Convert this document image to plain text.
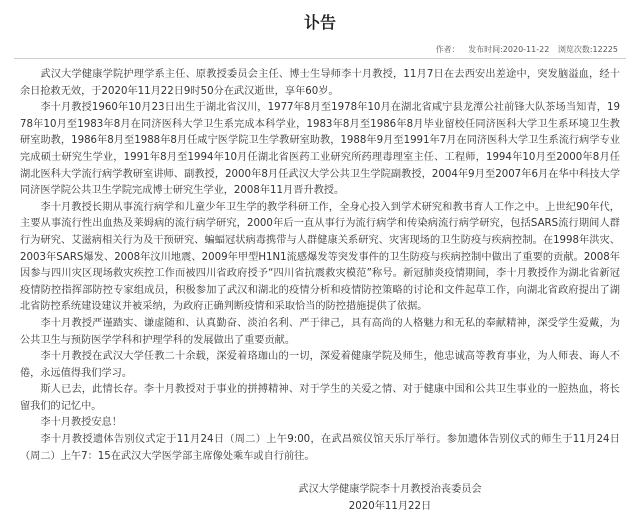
讣告
作者： 发布时间:2020-11-22 浏览次数:12225

武汉大学健康学院护理学系主任、原教授委员会主任、博士生导师李十月教授，11月7日在去西安出差途中，突发脑溢血，经十余日抢救无效，于2020年11月22日9时50分在武汉逝世，享年60岁。

李十月教授1960年10月23日出生于湖北省汉川，1977年8月至1978年10月在湖北省咸宁县龙潭公社前锋大队茶场当知青，1978年10月至1983年8月在同济医科大学卫生系完成本科学业，1983年8月至1986年8月毕业留校任同济医科大学卫生系环境卫生教研室助教，1986年8月至1988年8月任咸宁医学院卫生学教研室助教，1988年9月至1991年7月在同济医科大学卫生系流行病学专业完成硕士研究生学业，1991年8月至1994年10月任湖北省医药工业研究所药理毒理室主任、工程师，1994年10月至2000年8月任湖北医科大学流行病学教研室讲师、副教授，2000年8月任武汉大学公共卫生学院副教授，2004年9月至2007年6月在华中科技大学同济医学院公共卫生学院完成博士研究生学业，2008年11月晋升教授。

李十月教授长期从事流行病学和儿童少年卫生学的教学科研工作，全身心投入到学术研究和教书育人工作之中。上世纪90年代，主要从事流行性出血热及莱姆病的流行病学研究，2000年后一直从事行为流行病学和传染病流行病学研究，包括SARS流行期间人群行为研究、艾滋病相关行为及干预研究、蝙蝠冠状病毒携带与人群健康关系研究、灾害现场的卫生防疫与疾病控制。在1998年洪灾、2003年SARS爆发、2008年汶川地震、2009年甲型H1N1流感爆发等突发事件的卫生防疫与疾病控制中做出了重要的贡献。2008年因参与四川灾区现场救灾疾控工作而被四川省政府授予“四川省抗震救灾模范”称号。新冠肺炎疫情期间，李十月教授作为湖北省新冠疫情防控指挥部防控专家组成员，积极参加了武汉和湖北的疫情分析和疫情防控策略的讨论和文件起草工作，向湖北省政府提出了湖北省防控系统建设建议并被采纳，为政府正确判断疫情和采取恰当的防控措施提供了依据。

李十月教授严谨踏实、谦虚随和、认真勤奋、淡泊名利、严于律己，具有高尚的人格魅力和无私的奉献精神，深受学生爱戴，为公共卫生与预防医学学科和护理学科的发展做出了重要贡献。

李十月教授在武汉大学任教二十余载，深爱着珞珈山的一切，深爱着健康学院及师生，他忠诚高等教育事业，为人师表、诲人不倦，永远值得我们学习。

斯人已去，此情长存。李十月教授对于事业的拼搏精神、对于学生的关爱之情、对于健康中国和公共卫生事业的一腔热血，将长留我们的记忆中。

李十月教授安息！

李十月教授遗体告别仪式定于11月24日（周二）上午9:00，在武昌殡仪馆天乐厅举行。参加遗体告别仪式的师生于11月24日（周二）上午7：15在武汉大学医学部主席像处乘车或自行前往。

武汉大学健康学院李十月教授治丧委员会
2020年11月22日
